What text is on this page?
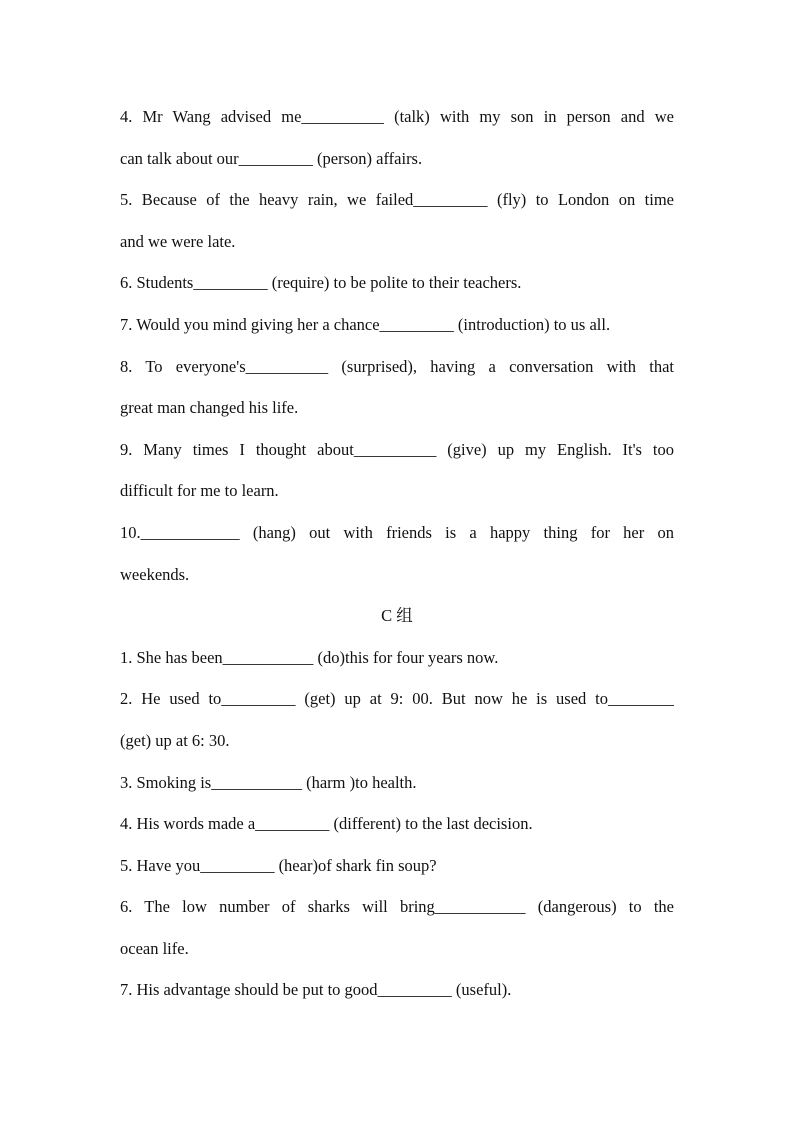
4. Mr Wang advised me__________ (talk) with my son in person and we
can talk about our_________ (person) affairs.
5. Because of the heavy rain, we failed_________ (fly) to London on time
and we were late.
6. Students_________ (require) to be polite to their teachers.
7. Would you mind giving her a chance_________ (introduction) to us all.
8. To everyone's__________ (surprised), having a conversation with that
great man changed his life.
9. Many times I thought about__________ (give) up my English. It's too
difficult for me to learn.
10.____________ (hang) out with friends is a happy thing for her on
weekends.
C 组
1. She has been___________ (do)this for four years now.
2. He used to_________ (get) up at 9: 00. But now he is used to________
(get) up at 6: 30.
3. Smoking is___________ (harm )to health.
4. His words made a_________ (different) to the last decision.
5. Have you_________ (hear)of shark fin soup?
6. The low number of sharks will bring___________ (dangerous) to the
ocean life.
7. His advantage should be put to good_________ (useful).
